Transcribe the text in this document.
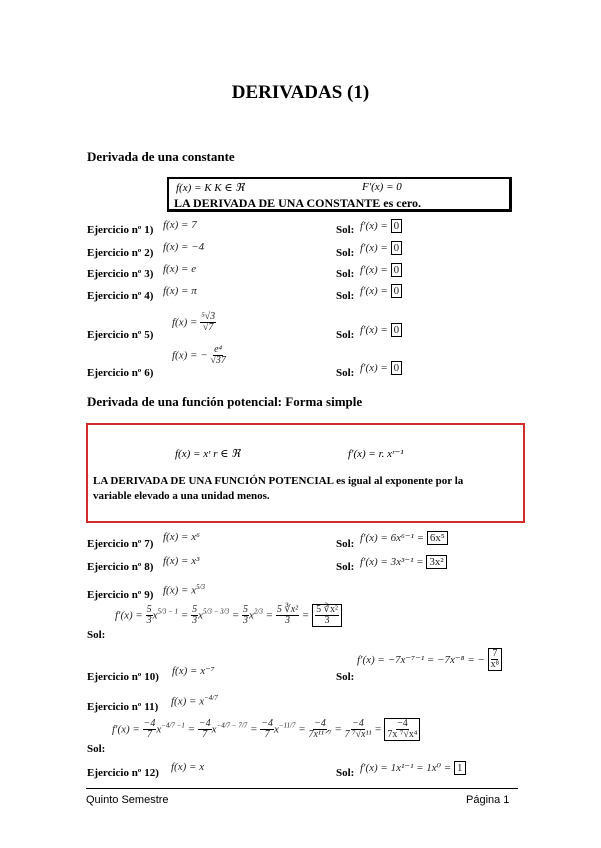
DERIVADAS (1)
Derivada de una constante
f(x) = K K ∈ ℜ	F′(x) = 0
LA DERIVADA DE UNA CONSTANTE es cero.
Ejercicio nº 1) f(x) = 7	Sol: f′(x) = 0
Ejercicio nº 2) f(x) = −4	Sol: f′(x) = 0
Ejercicio nº 3) f(x) = e	Sol: f′(x) = 0
Ejercicio nº 4) f(x) = π	Sol: f′(x) = 0
Ejercicio nº 5)
$f(x) = \frac{\text{⁵√3}}{√7}$
Sol: f′(x) = 0
Ejercicio nº 6)
f(x) = − $\frac{\text{e⁴}}{√37}$
Sol: f′(x) = 0
Derivada de una función potencial: Forma simple
f(x) = xʳ r ∈ ℜ	f′(x) = r. xʳ⁻¹
LA DERIVADA DE UNA FUNCIÓN POTENCIAL es igual al exponente por la
variable elevado a una unidad menos.
Ejercicio nº 7)
f(x) = x⁶
Sol: f′(x) = 6x⁶⁻¹ = 6x⁵
Ejercicio nº 8) f(x) = x³	Sol: f′(x) = 3x³⁻¹ = 3x²
Ejercicio nº 9) $f(x) = x^{5/3}$
Sol:
$f'(x) = \frac{5}{3} x^{5/3 - 1} = \frac{5}{3} x^{5/3 - 3/3} = \frac{5}{3} x^{2/3} = \frac{\text{5 ∛x²}}{3} = \frac{\text{5 ∛x²}}{3}$
Ejercicio nº 10) f(x) = x⁻⁷	Sol:
f′(x) = −7x⁻⁷⁻¹ = −7x⁻⁸ = − $\frac{7}{\text{x⁸}}$
Ejercicio nº 11) $f(x) = x^{-4/7}$
Sol:
$f'(x) = \frac{-4}{7} x^{-4/7 -1} = \frac{-4}{7} x^{-4/7 - 7/7} = \frac{-4}{7} x^{-11/7} = \frac{-4}{\text{7x¹¹ᐟ⁷}} = \frac{-4}{\text{7 ⁷√x¹¹}} = \frac{-4}{\text{7x ⁷√x⁴}}$
Ejercicio nº 12) f(x) = x	Sol: f′(x) = 1x¹⁻¹ = 1x⁰ = 1
Quinto Semestre	Página 1
